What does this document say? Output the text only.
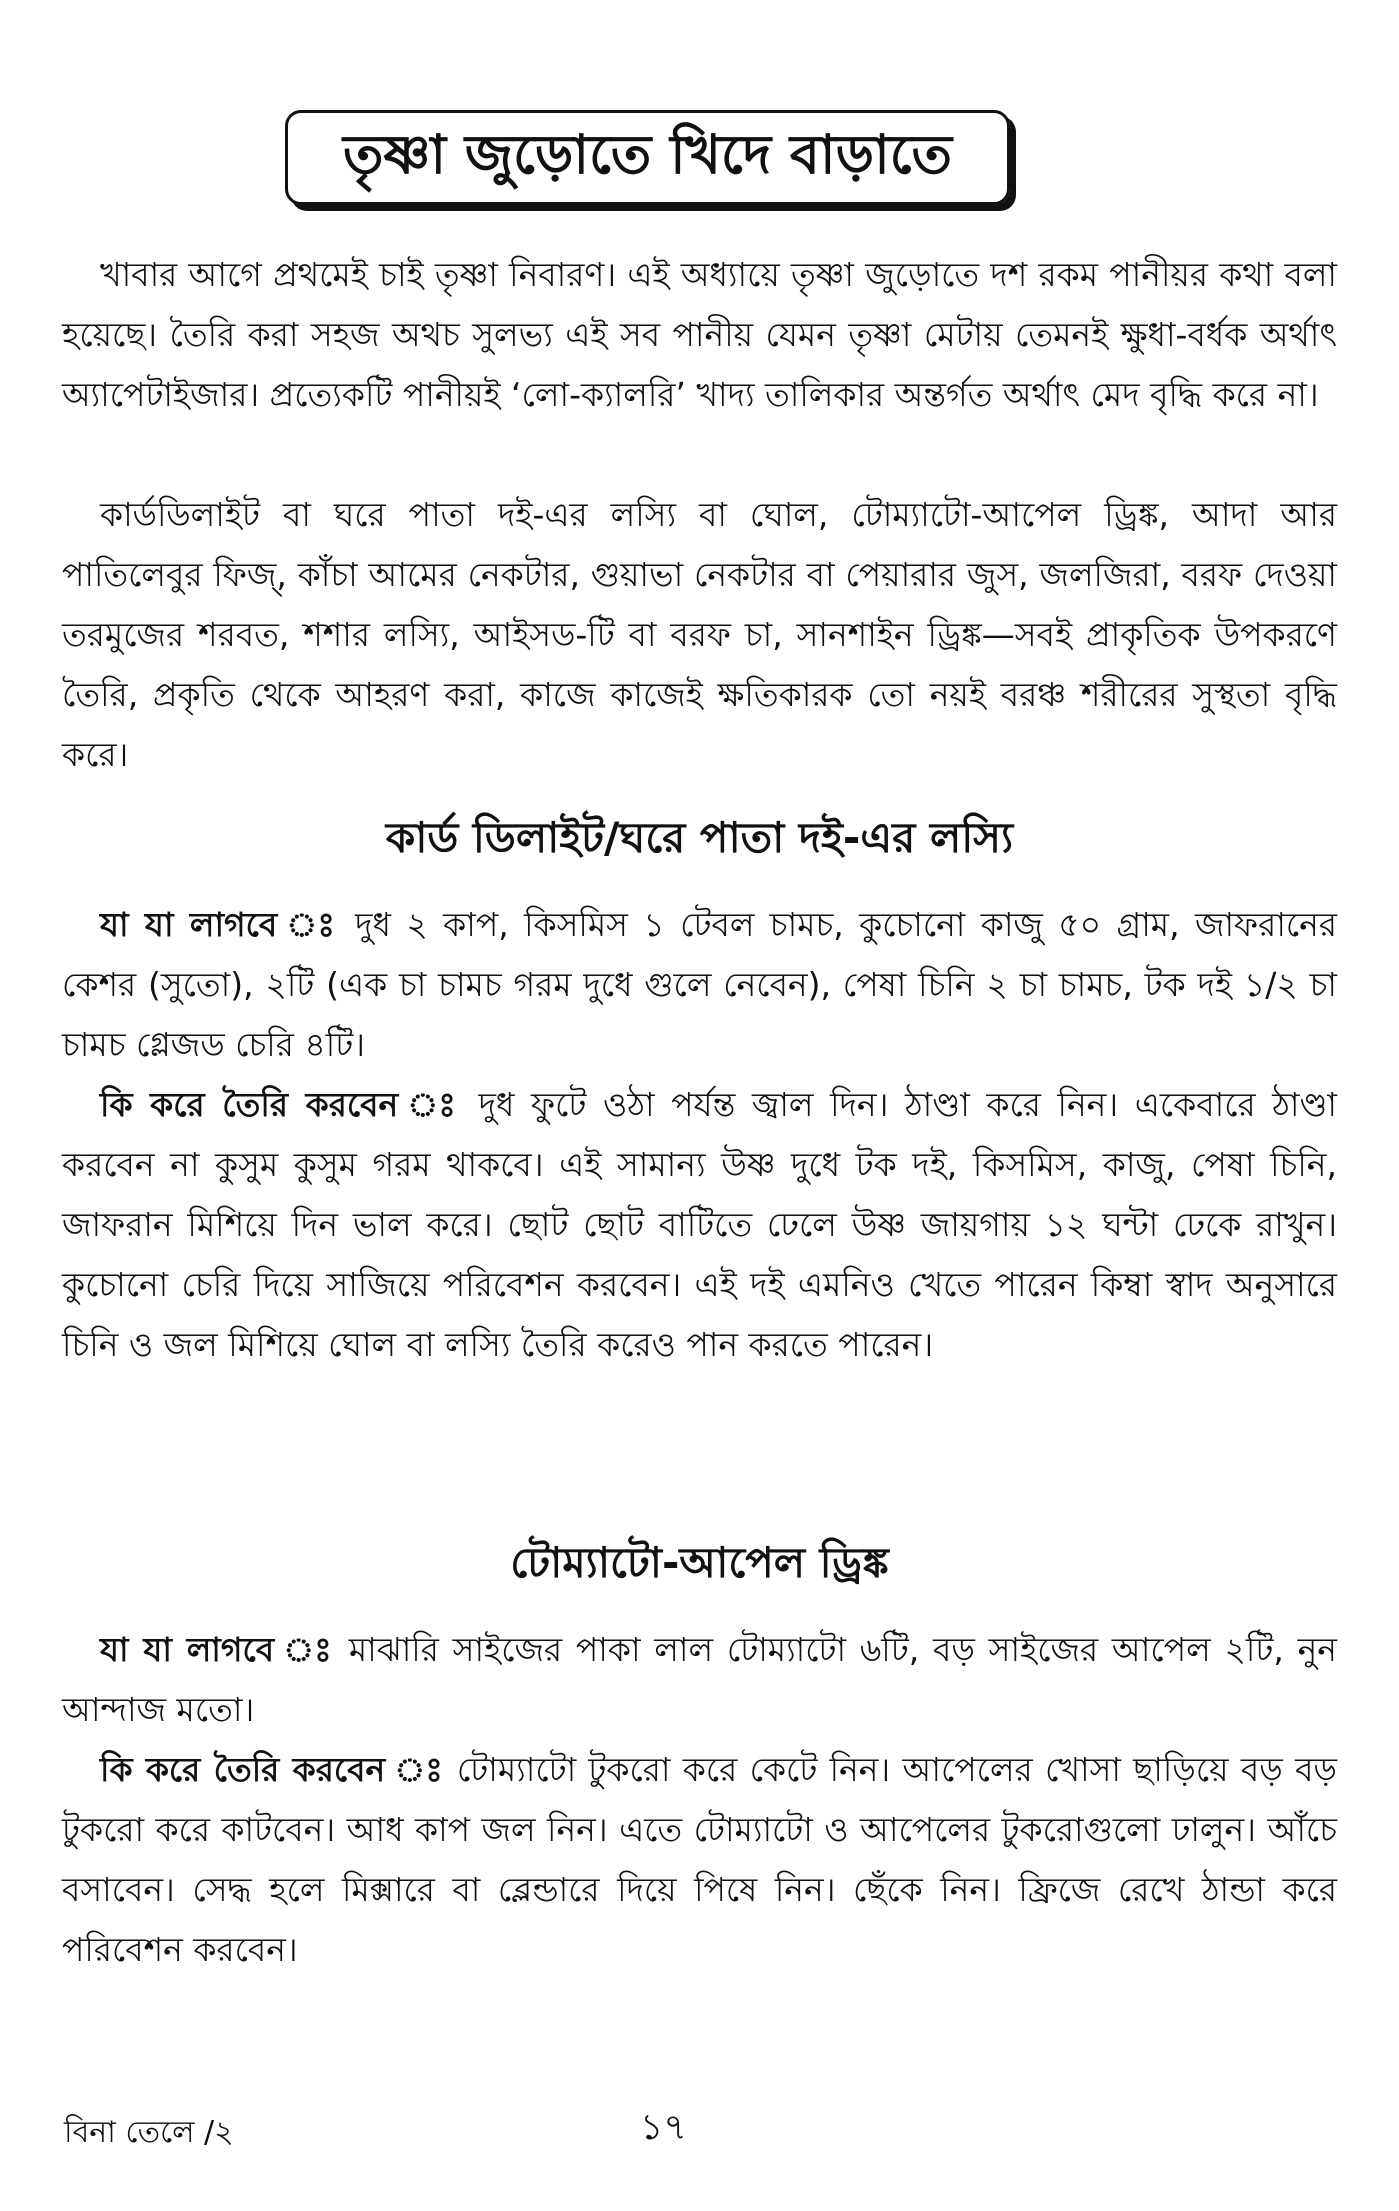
তৃষ্ণা জুড়োতে খিদে বাড়াতে

খাবার আগে প্রথমেই চাই তৃষ্ণা নিবারণ। এই অধ্যায়ে তৃষ্ণা জুড়োতে দশ রকম পানীয়র কথা বলা হয়েছে। তৈরি করা সহজ অথচ সুলভ্য এই সব পানীয় যেমন তৃষ্ণা মেটায় তেমনই ক্ষুধা-বর্ধক অর্থাৎ অ্যাপেটাইজার। প্রত্যেকটি পানীয়ই ‘লো-ক্যালরি’ খাদ্য তালিকার অন্তর্গত অর্থাৎ মেদ বৃদ্ধি করে না।

কার্ডডিলাইট বা ঘরে পাতা দই-এর লস্যি বা ঘোল, টোম্যাটো-আপেল ড্রিঙ্ক, আদা আর পাতিলেবুর ফিজ্, কাঁচা আমের নেকটার, গুয়াভা নেকটার বা পেয়ারার জুস, জলজিরা, বরফ দেওয়া তরমুজের শরবত, শশার লস্যি, আইসড-টি বা বরফ চা, সানশাইন ড্রিঙ্ক—সবই প্রাকৃতিক উপকরণে তৈরি, প্রকৃতি থেকে আহরণ করা, কাজে কাজেই ক্ষতিকারক তো নয়ই বরঞ্চ শরীরের সুস্থতা বৃদ্ধি করে।

কার্ড ডিলাইট/ঘরে পাতা দই-এর লস্যি

যা যা লাগবে ঃ দুধ ২ কাপ, কিসমিস ১ টেবল চামচ, কুচোনো কাজু ৫০ গ্রাম, জাফরানের কেশর (সুতো), ২টি (এক চা চামচ গরম দুধে গুলে নেবেন), পেষা চিনি ২ চা চামচ, টক দই ১/২ চা চামচ গ্লেজড চেরি ৪টি।

কি করে তৈরি করবেন ঃ দুধ ফুটে ওঠা পর্যন্ত জ্বাল দিন। ঠাণ্ডা করে নিন। একেবারে ঠাণ্ডা করবেন না কুসুম কুসুম গরম থাকবে। এই সামান্য উষ্ণ দুধে টক দই, কিসমিস, কাজু, পেষা চিনি, জাফরান মিশিয়ে দিন ভাল করে। ছোট ছোট বাটিতে ঢেলে উষ্ণ জায়গায় ১২ ঘন্টা ঢেকে রাখুন। কুচোনো চেরি দিয়ে সাজিয়ে পরিবেশন করবেন। এই দই এমনিও খেতে পারেন কিম্বা স্বাদ অনুসারে চিনি ও জল মিশিয়ে ঘোল বা লস্যি তৈরি করেও পান করতে পারেন।

টোম্যাটো-আপেল ড্রিঙ্ক

যা যা লাগবে ঃ মাঝারি সাইজের পাকা লাল টোম্যাটো ৬টি, বড় সাইজের আপেল ২টি, নুন আন্দাজ মতো।

কি করে তৈরি করবেন ঃ টোম্যাটো টুকরো করে কেটে নিন। আপেলের খোসা ছাড়িয়ে বড় বড় টুকরো করে কাটবেন। আধ কাপ জল নিন। এতে টোম্যাটো ও আপেলের টুকরোগুলো ঢালুন। আঁচে বসাবেন। সেদ্ধ হলে মিক্সারে বা ব্লেন্ডারে দিয়ে পিষে নিন। ছেঁকে নিন। ফ্রিজে রেখে ঠান্ডা করে পরিবেশন করবেন।

বিনা তেলে /২	১৭
